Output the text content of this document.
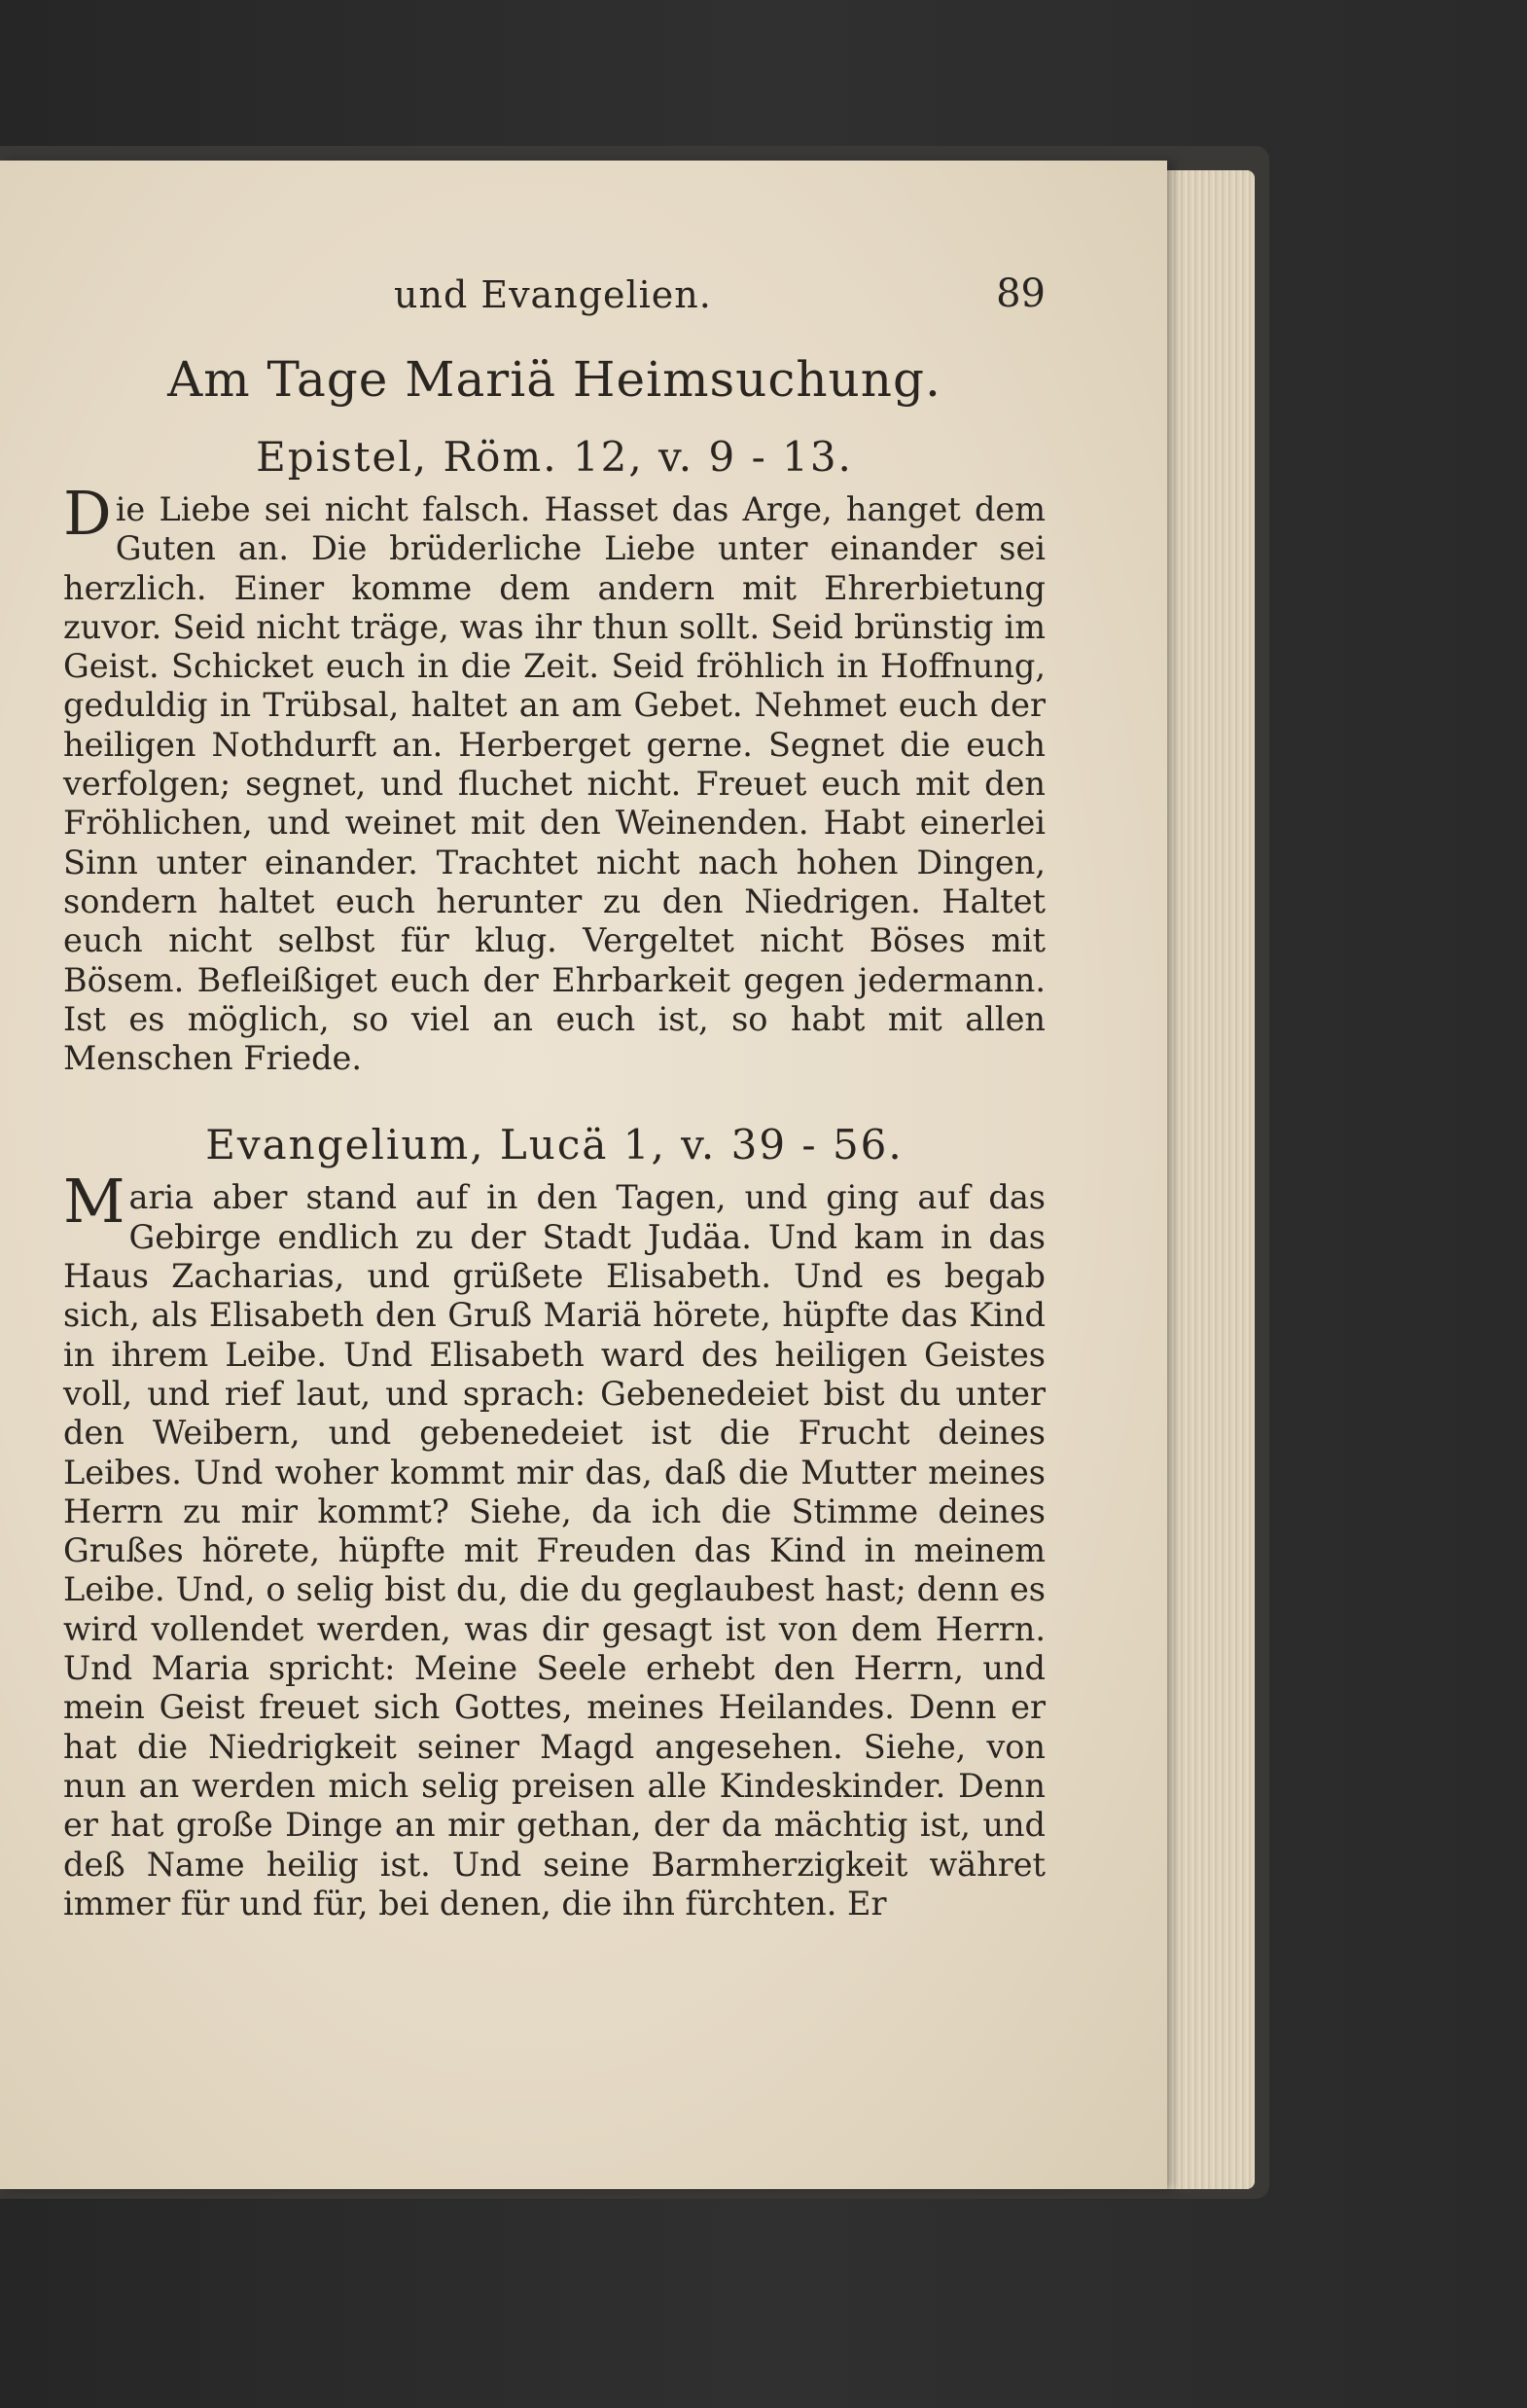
und Evangelien.	89
Am Tage Mariä Heimsuchung.
Epistel, Röm. 12, v. 9 - 13.

Die Liebe sei nicht falsch. Hasset das Arge, hanget dem Guten an. Die brüderliche Liebe unter einander sei herzlich. Einer komme dem andern mit Ehrerbietung zuvor. Seid nicht träge, was ihr thun sollt. Seid brünstig im Geist. Schicket euch in die Zeit. Seid fröhlich in Hoffnung, geduldig in Trübsal, haltet an am Gebet. Nehmet euch der heiligen Nothdurft an. Herberget gerne. Segnet die euch verfolgen; segnet, und fluchet nicht. Freuet euch mit den Fröhlichen, und weinet mit den Weinenden. Habt einerlei Sinn unter einander. Trachtet nicht nach hohen Dingen, sondern haltet euch herunter zu den Niedrigen. Haltet euch nicht selbst für klug. Vergeltet nicht Böses mit Bösem. Befleißiget euch der Ehrbarkeit gegen jedermann. Ist es möglich, so viel an euch ist, so habt mit allen Menschen Friede.

Evangelium, Lucä 1, v. 39 - 56.

Maria aber stand auf in den Tagen, und ging auf das Gebirge endlich zu der Stadt Judäa. Und kam in das Haus Zacharias, und grüßete Elisabeth. Und es begab sich, als Elisabeth den Gruß Mariä hörete, hüpfte das Kind in ihrem Leibe. Und Elisabeth ward des heiligen Geistes voll, und rief laut, und sprach: Gebenedeiet bist du unter den Weibern, und gebenedeiet ist die Frucht deines Leibes. Und woher kommt mir das, daß die Mutter meines Herrn zu mir kommt? Siehe, da ich die Stimme deines Grußes hörete, hüpfte mit Freuden das Kind in meinem Leibe. Und, o selig bist du, die du geglaubest hast; denn es wird vollendet werden, was dir gesagt ist von dem Herrn. Und Maria spricht: Meine Seele erhebt den Herrn, und mein Geist freuet sich Gottes, meines Heilandes. Denn er hat die Niedrigkeit seiner Magd angesehen. Siehe, von nun an werden mich selig preisen alle Kindeskinder. Denn er hat große Dinge an mir gethan, der da mächtig ist, und deß Name heilig ist. Und seine Barmherzigkeit währet immer für und für, bei denen, die ihn fürchten. Er
